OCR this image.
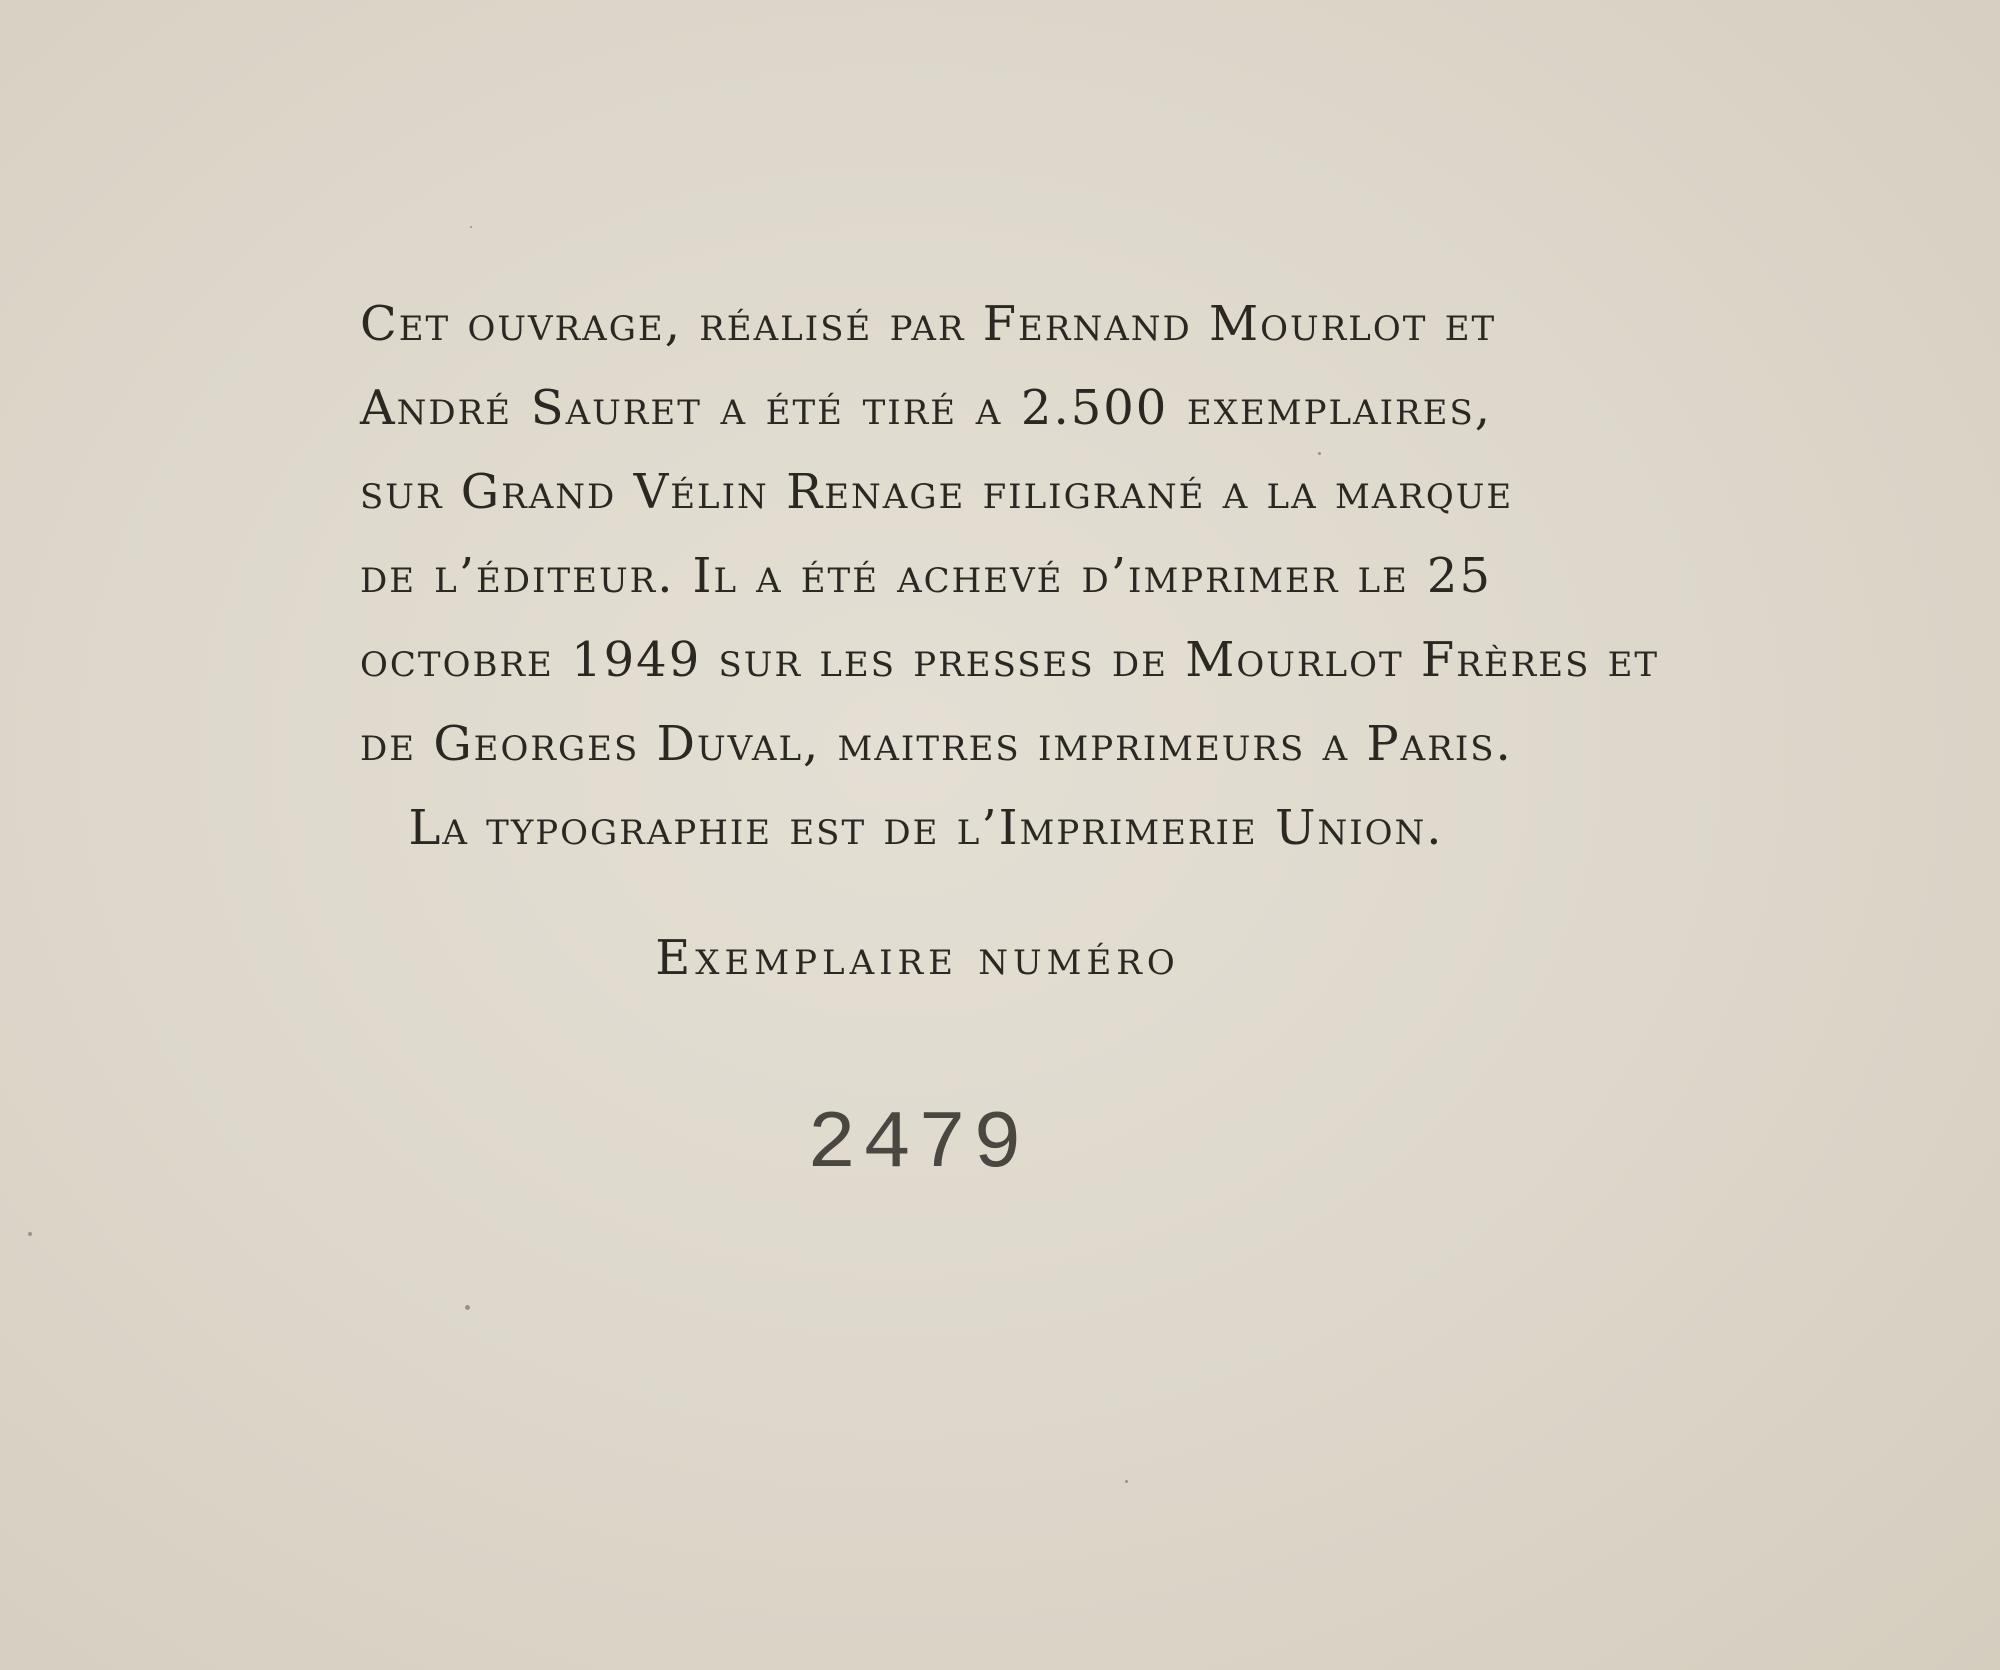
Cet ouvrage, réalisé par Fernand Mourlot et
André Sauret a été tiré a 2.500 exemplaires,
sur Grand Vélin Renage filigrané a la marque
de l’éditeur. Il a été achevé d’imprimer le 25
octobre 1949 sur les presses de Mourlot Frères et
de Georges Duval, maitres imprimeurs a Paris.
La typographie est de l’Imprimerie Union.
Exemplaire numéro
2479
